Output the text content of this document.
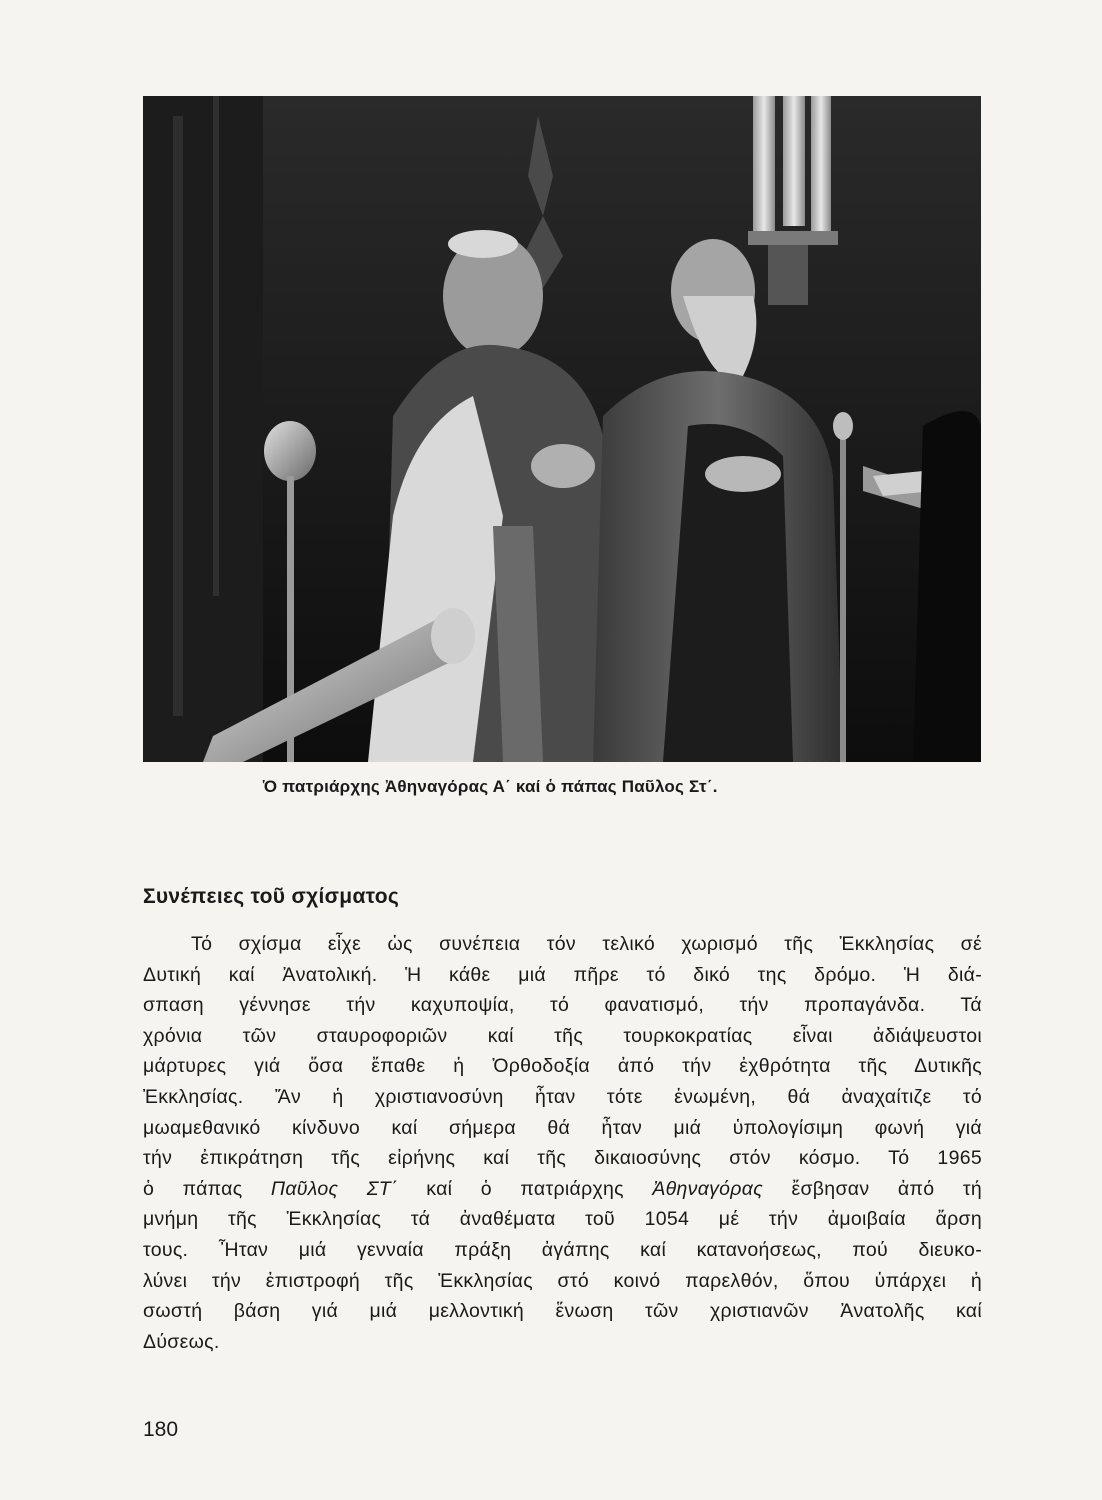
Ὁ πατριάρχης Ἀθηναγόρας Α΄ καί ὁ πάπας Παῦλος Στ΄.
Συνέπειες τοῦ σχίσματος
Τό σχίσμα εἶχε ὡς συνέπεια τόν τελικό χωρισμό τῆς Ἐκκλησίας σέ
Δυτική καί Ἀνατολική. Ἡ κάθε μιά πῆρε τό δικό της δρόμο. Ἡ διά-
σπαση γέννησε τήν καχυποψία, τό φανατισμό, τήν προπαγάνδα. Τά
χρόνια τῶν σταυροφοριῶν καί τῆς τουρκοκρατίας εἶναι ἀδιάψευστοι
μάρτυρες γιά ὅσα ἔπαθε ἡ Ὀρθοδοξία ἀπό τήν ἐχθρότητα τῆς Δυτικῆς
Ἐκκλησίας. Ἄν ἡ χριστιανοσύνη ἦταν τότε ἑνωμένη, θά ἀναχαίτιζε τό
μωαμεθανικό κίνδυνο καί σήμερα θά ἦταν μιά ὑπολογίσιμη φωνή γιά
τήν ἐπικράτηση τῆς εἰρήνης καί τῆς δικαιοσύνης στόν κόσμο. Τό 1965
ὁ πάπας Παῦλος ΣΤ΄ καί ὁ πατριάρχης Ἀθηναγόρας ἔσβησαν ἀπό τή
μνήμη τῆς Ἐκκλησίας τά ἀναθέματα τοῦ 1054 μέ τήν ἀμοιβαία ἄρση
τους. Ἦταν μιά γενναία πράξη ἀγάπης καί κατανοήσεως, πού διευκο-
λύνει τήν ἐπιστροφή τῆς Ἐκκλησίας στό κοινό παρελθόν, ὅπου ὑπάρχει ἡ
σωστή βάση γιά μιά μελλοντική ἕνωση τῶν χριστιανῶν Ἀνατολῆς καί
Δύσεως.
180
